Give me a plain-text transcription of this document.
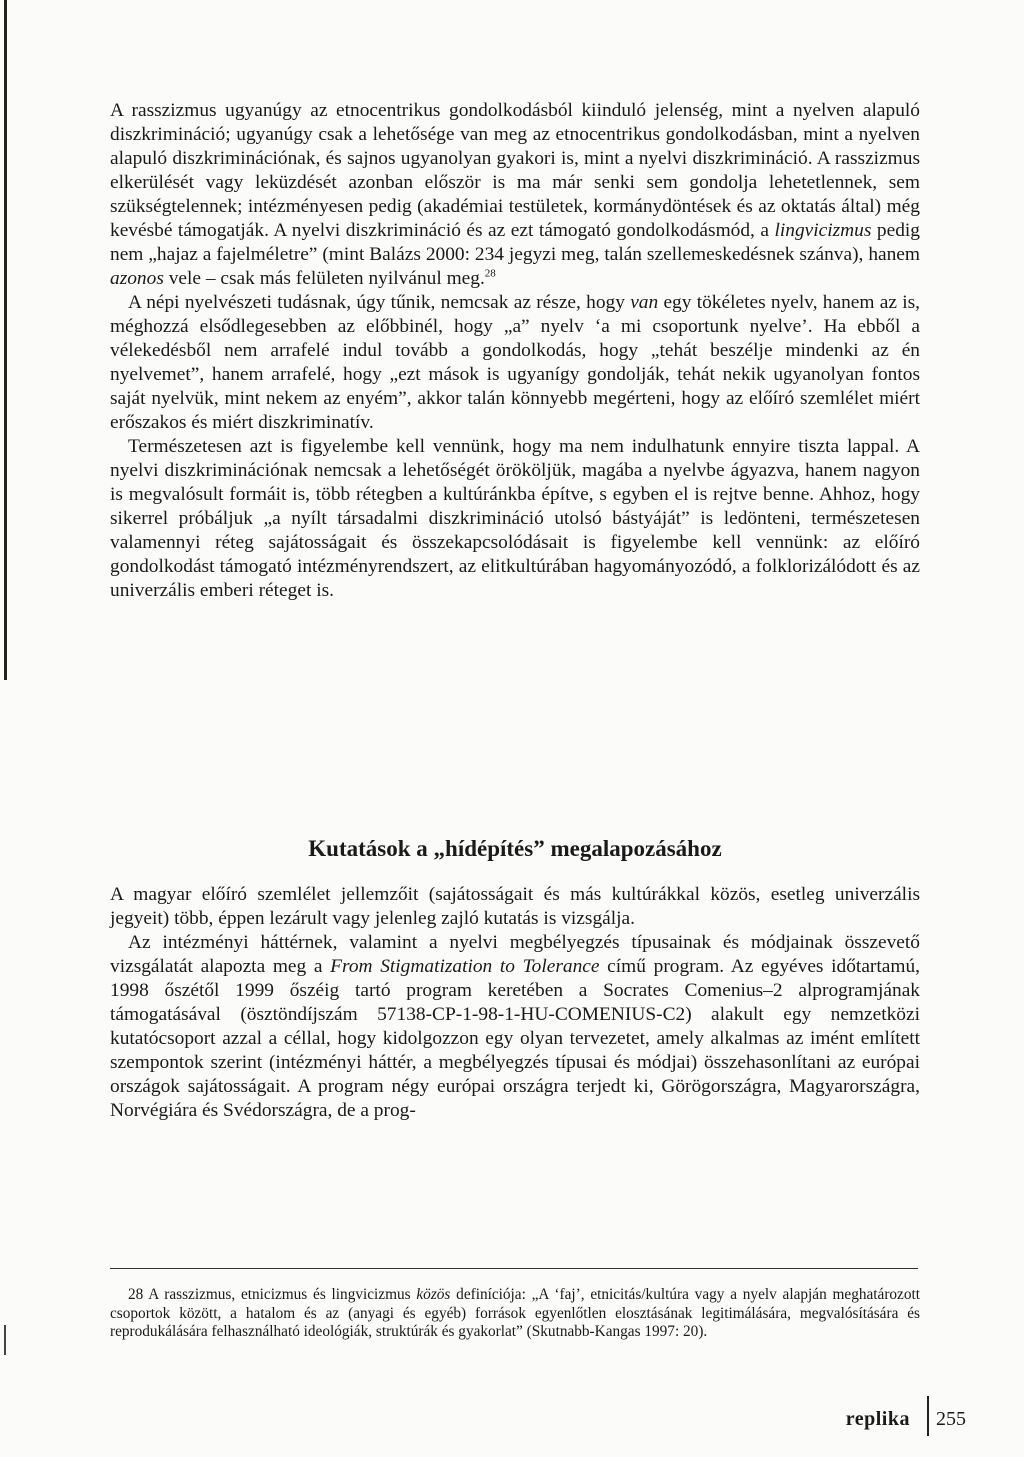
A rasszizmus ugyanúgy az etnocentrikus gondolkodásból kiinduló jelenség, mint a nyelven alapuló diszkrimináció; ugyanúgy csak a lehetősége van meg az etnocentrikus gondolkodásban, mint a nyelven alapuló diszkriminációnak, és sajnos ugyanolyan gyakori is, mint a nyelvi diszkrimináció. A rasszizmus elkerülését vagy leküzdését azonban először is ma már senki sem gondolja lehetetlennek, sem szükségtelennek; intézményesen pedig (akadémiai testületek, kormánydöntések és az oktatás által) még kevésbé támogatják. A nyelvi diszkrimináció és az ezt támogató gondolkodásmód, a lingvicizmus pedig nem „hajaz a fajelméletre” (mint Balázs 2000: 234 jegyzi meg, talán szellemeskedésnek szánva), hanem azonos vele – csak más felületen nyilvánul meg.$^{28}$

A népi nyelvészeti tudásnak, úgy tűnik, nemcsak az része, hogy van egy tökéletes nyelv, hanem az is, méghozzá elsődlegesebben az előbbinél, hogy „a” nyelv ‘a mi csoportunk nyelve’. Ha ebből a vélekedésből nem arrafelé indul tovább a gondolkodás, hogy „tehát beszélje mindenki az én nyelvemet”, hanem arrafelé, hogy „ezt mások is ugyanígy gondolják, tehát nekik ugyanolyan fontos saját nyelvük, mint nekem az enyém”, akkor talán könnyebb megérteni, hogy az előíró szemlélet miért erőszakos és miért diszkriminatív.

Természetesen azt is figyelembe kell vennünk, hogy ma nem indulhatunk ennyire tiszta lappal. A nyelvi diszkriminációnak nemcsak a lehetőségét örököljük, magába a nyelvbe ágyazva, hanem nagyon is megvalósult formáit is, több rétegben a kultúránkba építve, s egyben el is rejtve benne. Ahhoz, hogy sikerrel próbáljuk „a nyílt társadalmi diszkrimináció utolsó bástyáját” is ledönteni, természetesen valamennyi réteg sajátosságait és összekapcsolódásait is figyelembe kell vennünk: az előíró gondolkodást támogató intézményrendszert, az elitkultúrában hagyományozódó, a folklorizálódott és az univerzális emberi réteget is.

Kutatások a „hídépítés” megalapozásához

A magyar előíró szemlélet jellemzőit (sajátosságait és más kultúrákkal közös, esetleg univerzális jegyeit) több, éppen lezárult vagy jelenleg zajló kutatás is vizsgálja.

Az intézményi háttérnek, valamint a nyelvi megbélyegzés típusainak és módjainak összevető vizsgálatát alapozta meg a From Stigmatization to Tolerance című program. Az egyéves időtartamú, 1998 őszétől 1999 őszéig tartó program keretében a Socrates Comenius–2 alprogramjának támogatásával (ösztöndíjszám 57138-CP-1-98-1-HU-COMENIUS-C2) alakult egy nemzetközi kutatócsoport azzal a céllal, hogy kidolgozzon egy olyan tervezetet, amely alkalmas az imént említett szempontok szerint (intézményi háttér, a megbélyegzés típusai és módjai) összehasonlítani az európai országok sajátosságait. A program négy európai országra terjedt ki, Görögországra, Magyarországra, Norvégiára és Svédországra, de a prog-

28 A rasszizmus, etnicizmus és lingvicizmus közös definíciója: „A ‘faj’, etnicitás/kultúra vagy a nyelv alapján meghatározott csoportok között, a hatalom és az (anyagi és egyéb) források egyenlőtlen elosztásának legitimálására, megvalósítására és reprodukálására felhasználható ideológiák, struktúrák és gyakorlat” (Skutnabb-Kangas 1997: 20).

replika 255
